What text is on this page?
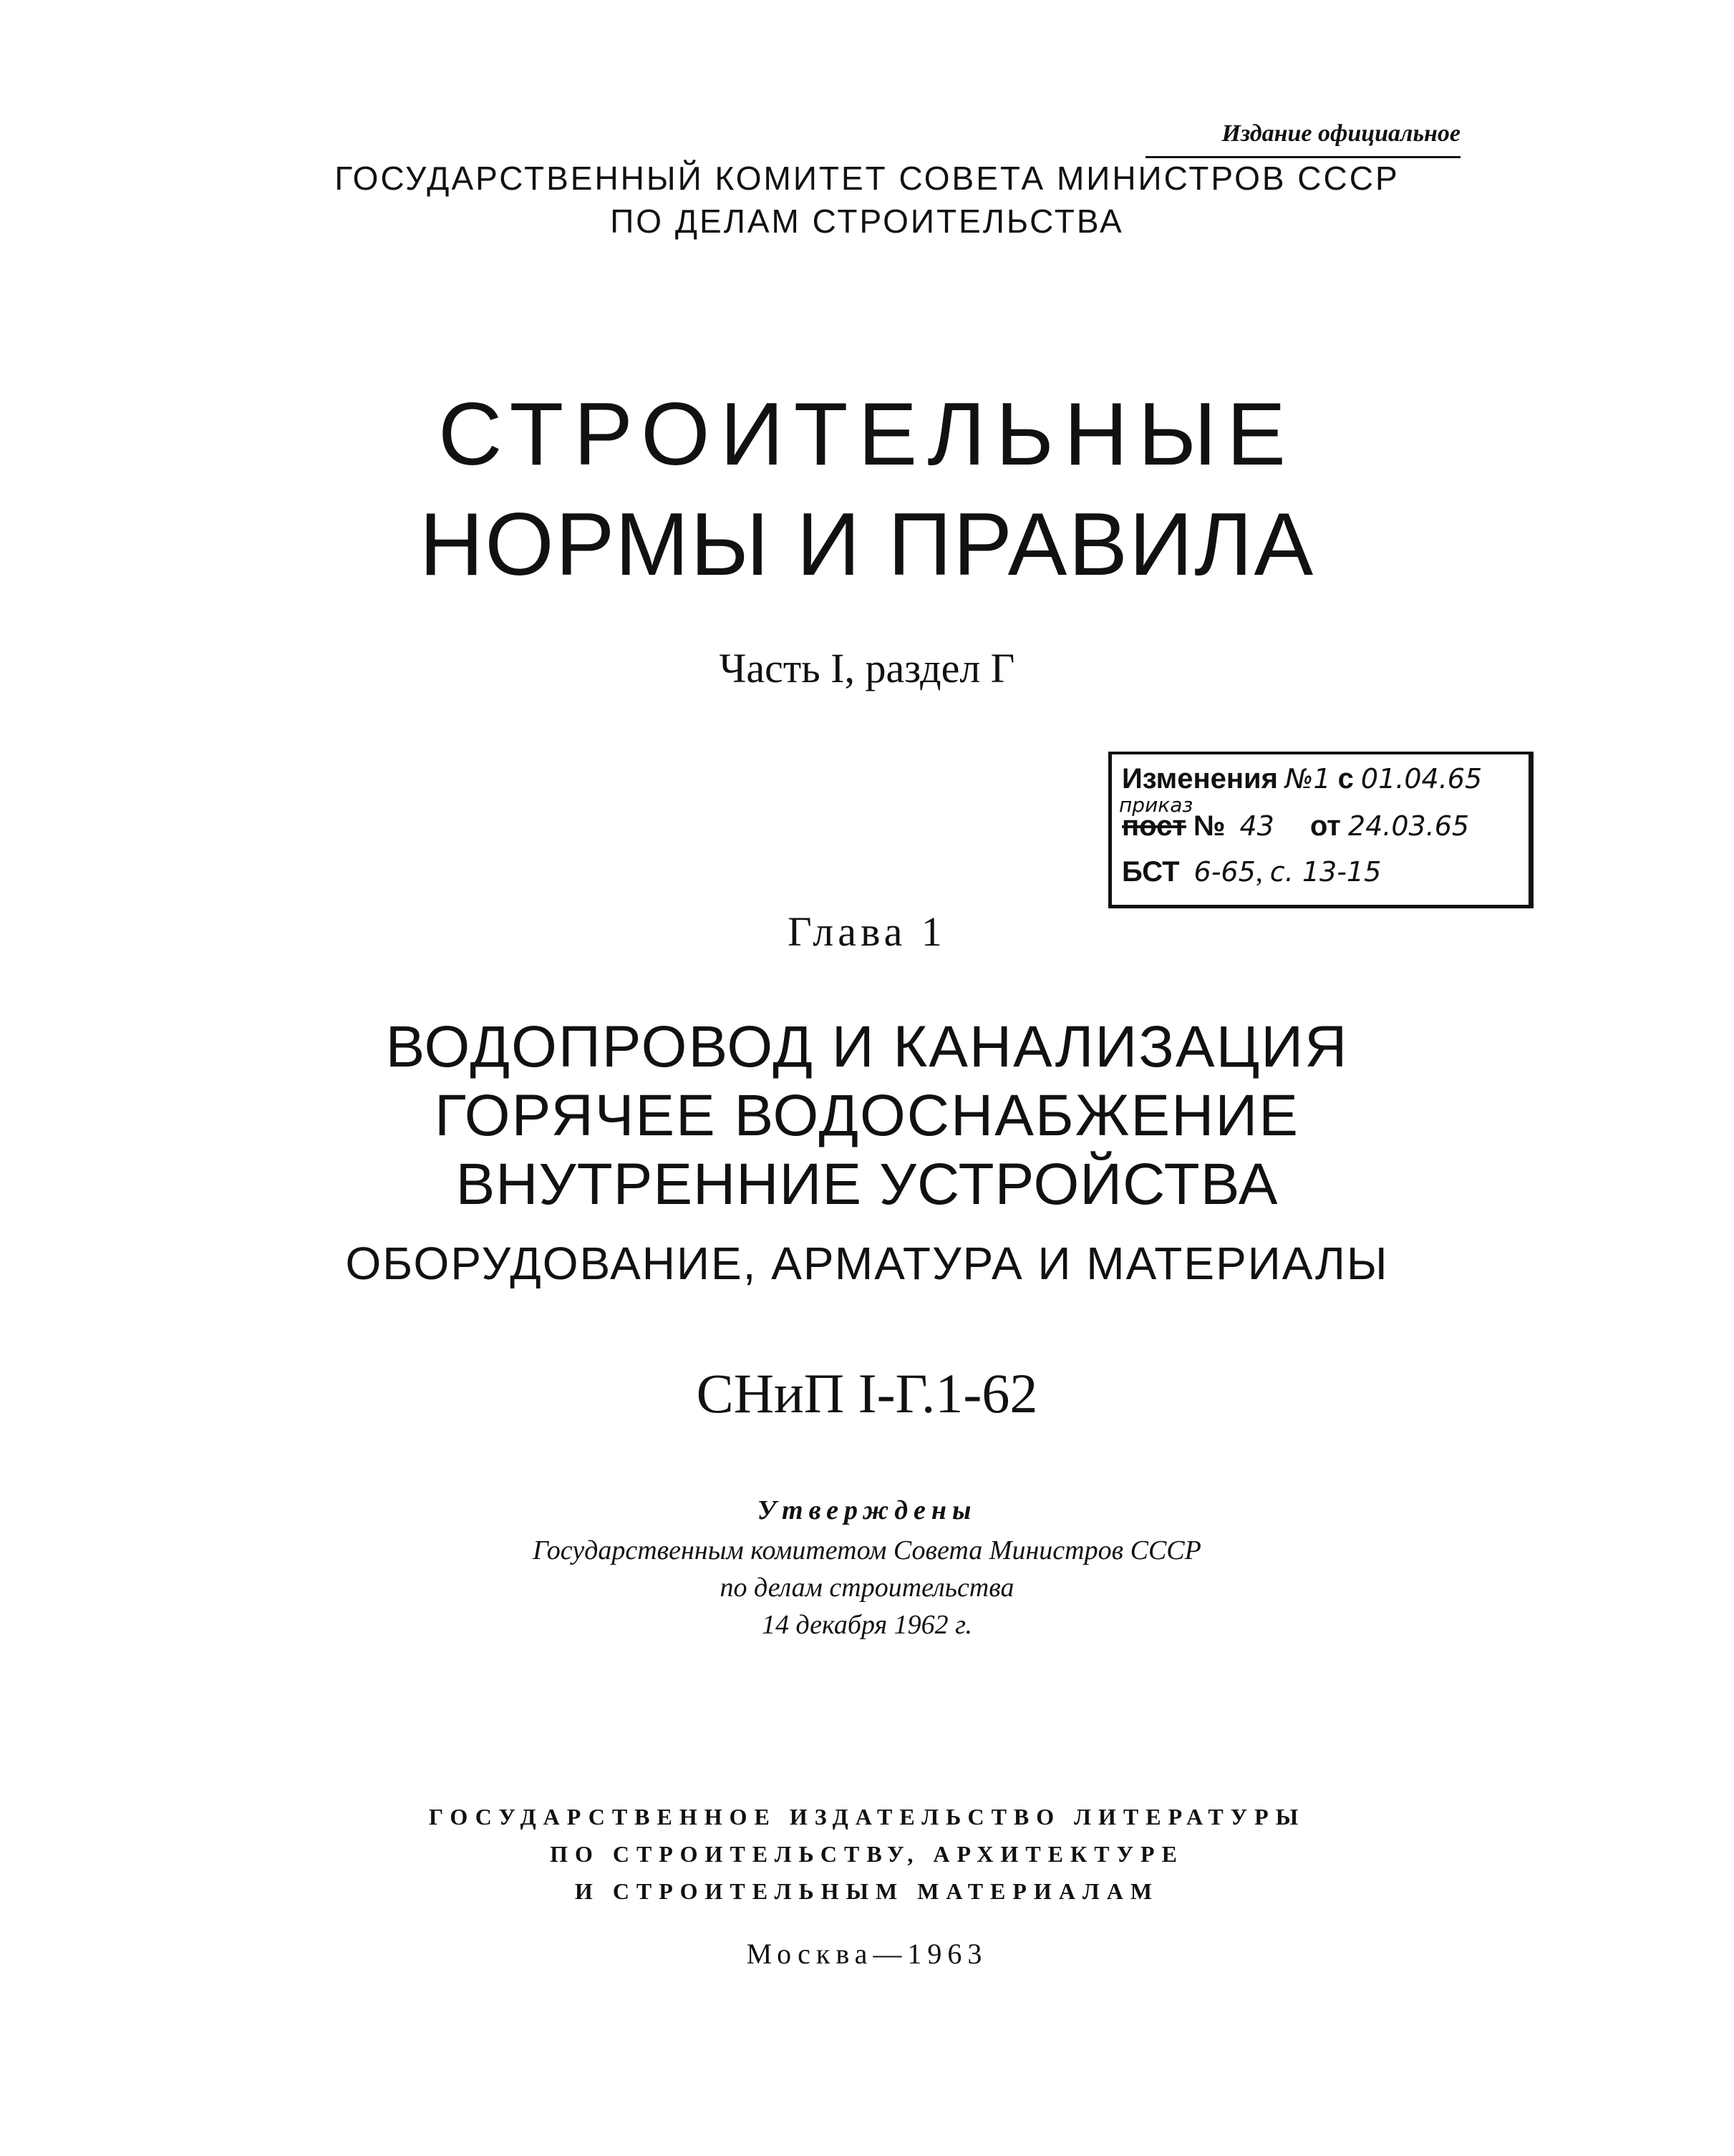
Издание официальное
ГОСУДАРСТВЕННЫЙ КОМИТЕТ СОВЕТА МИНИСТРОВ СССР
ПО ДЕЛАМ СТРОИТЕЛЬСТВА
СТРОИТЕЛЬНЫЕ
НОРМЫ И ПРАВИЛА
Часть I, раздел Г
Изменения №1 с 01.04.65
приказ
пост № 43 от 24.03.65
БСТ 6-65, с. 13-15
Глава 1
ВОДОПРОВОД И КАНАЛИЗАЦИЯ
ГОРЯЧЕЕ ВОДОСНАБЖЕНИЕ
ВНУТРЕННИЕ УСТРОЙСТВА
ОБОРУДОВАНИЕ, АРМАТУРА И МАТЕРИАЛЫ
СНиП I-Г.1-62
Утверждены
Государственным комитетом Совета Министров СССР
по делам строительства
14 декабря 1962 г.
ГОСУДАРСТВЕННОЕ ИЗДАТЕЛЬСТВО ЛИТЕРАТУРЫ
ПО СТРОИТЕЛЬСТВУ, АРХИТЕКТУРЕ
И СТРОИТЕЛЬНЫМ МАТЕРИАЛАМ
Москва—1963
